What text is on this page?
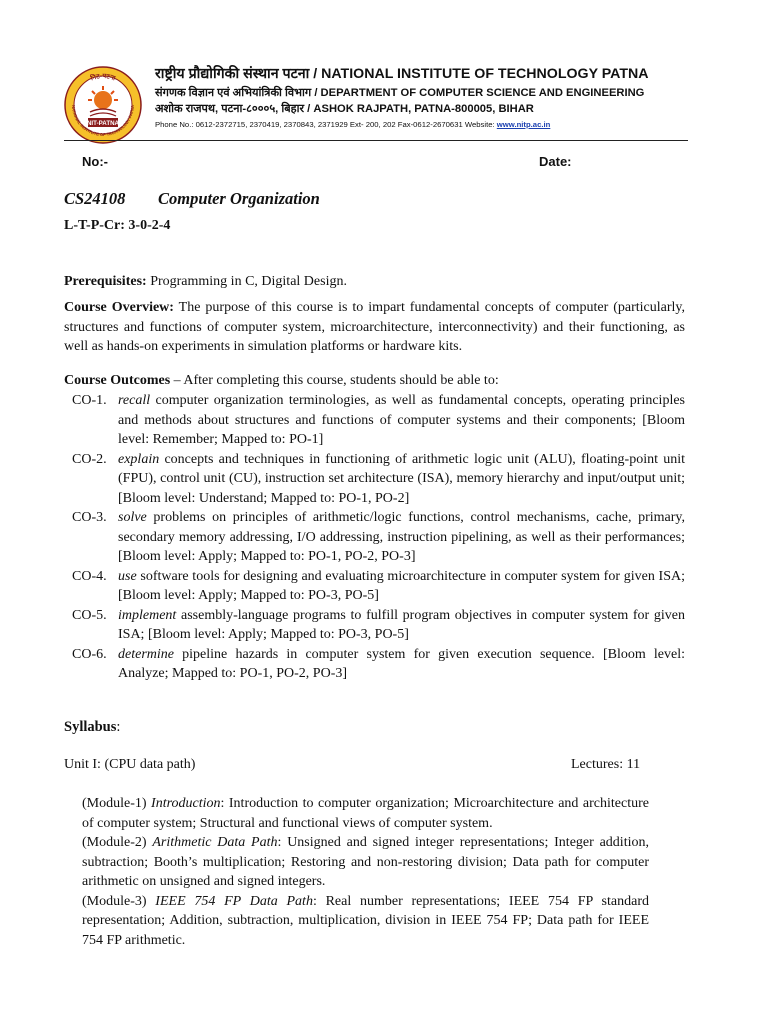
NIT-PATNA
निट-पटना
NATIONAL INSTITUTE OF TECHNOLOGY PATNA
राष्ट्रीय प्रौद्योगिकी संस्थान पटना / NATIONAL INSTITUTE OF TECHNOLOGY PATNA
संगणक विज्ञान एवं अभियांत्रिकी विभाग / DEPARTMENT OF COMPUTER SCIENCE AND ENGINEERING
अशोक राजपथ, पटना-८०००५, बिहार / ASHOK RAJPATH, PATNA-800005, BIHAR
Phone No.: 0612-2372715, 2370419, 2370843, 2371929 Ext- 200, 202 Fax-0612-2670631 Website: www.nitp.ac.in
No:-	Date:
CS24108 Computer Organization
L-T-P-Cr: 3-0-2-4
Prerequisites: Programming in C, Digital Design.
Course Overview: The purpose of this course is to impart fundamental concepts of computer (particularly, structures and functions of computer system, microarchitecture, interconnectivity) and their functioning, as well as hands-on experiments in simulation platforms or hardware kits.
Course Outcomes – After completing this course, students should be able to:
CO-1. recall computer organization terminologies, as well as fundamental concepts, operating principles and methods about structures and functions of computer systems and their components; [Bloom level: Remember; Mapped to: PO-1]
CO-2. explain concepts and techniques in functioning of arithmetic logic unit (ALU), floating-point unit (FPU), control unit (CU), instruction set architecture (ISA), memory hierarchy and input/output unit; [Bloom level: Understand; Mapped to: PO-1, PO-2]
CO-3. solve problems on principles of arithmetic/logic functions, control mechanisms, cache, primary, secondary memory addressing, I/O addressing, instruction pipelining, as well as their performances; [Bloom level: Apply; Mapped to: PO-1, PO-2, PO-3]
CO-4. use software tools for designing and evaluating microarchitecture in computer system for given ISA; [Bloom level: Apply; Mapped to: PO-3, PO-5]
CO-5. implement assembly-language programs to fulfill program objectives in computer system for given ISA; [Bloom level: Apply; Mapped to: PO-3, PO-5]
CO-6. determine pipeline hazards in computer system for given execution sequence. [Bloom level: Analyze; Mapped to: PO-1, PO-2, PO-3]
Syllabus:
Unit I: (CPU data path)	Lectures: 11
(Module-1) Introduction: Introduction to computer organization; Microarchitecture and architecture of computer system; Structural and functional views of computer system.
(Module-2) Arithmetic Data Path: Unsigned and signed integer representations; Integer addition, subtraction; Booth’s multiplication; Restoring and non-restoring division; Data path for computer arithmetic on unsigned and signed integers.
(Module-3) IEEE 754 FP Data Path: Real number representations; IEEE 754 FP standard representation; Addition, subtraction, multiplication, division in IEEE 754 FP; Data path for IEEE 754 FP arithmetic.
